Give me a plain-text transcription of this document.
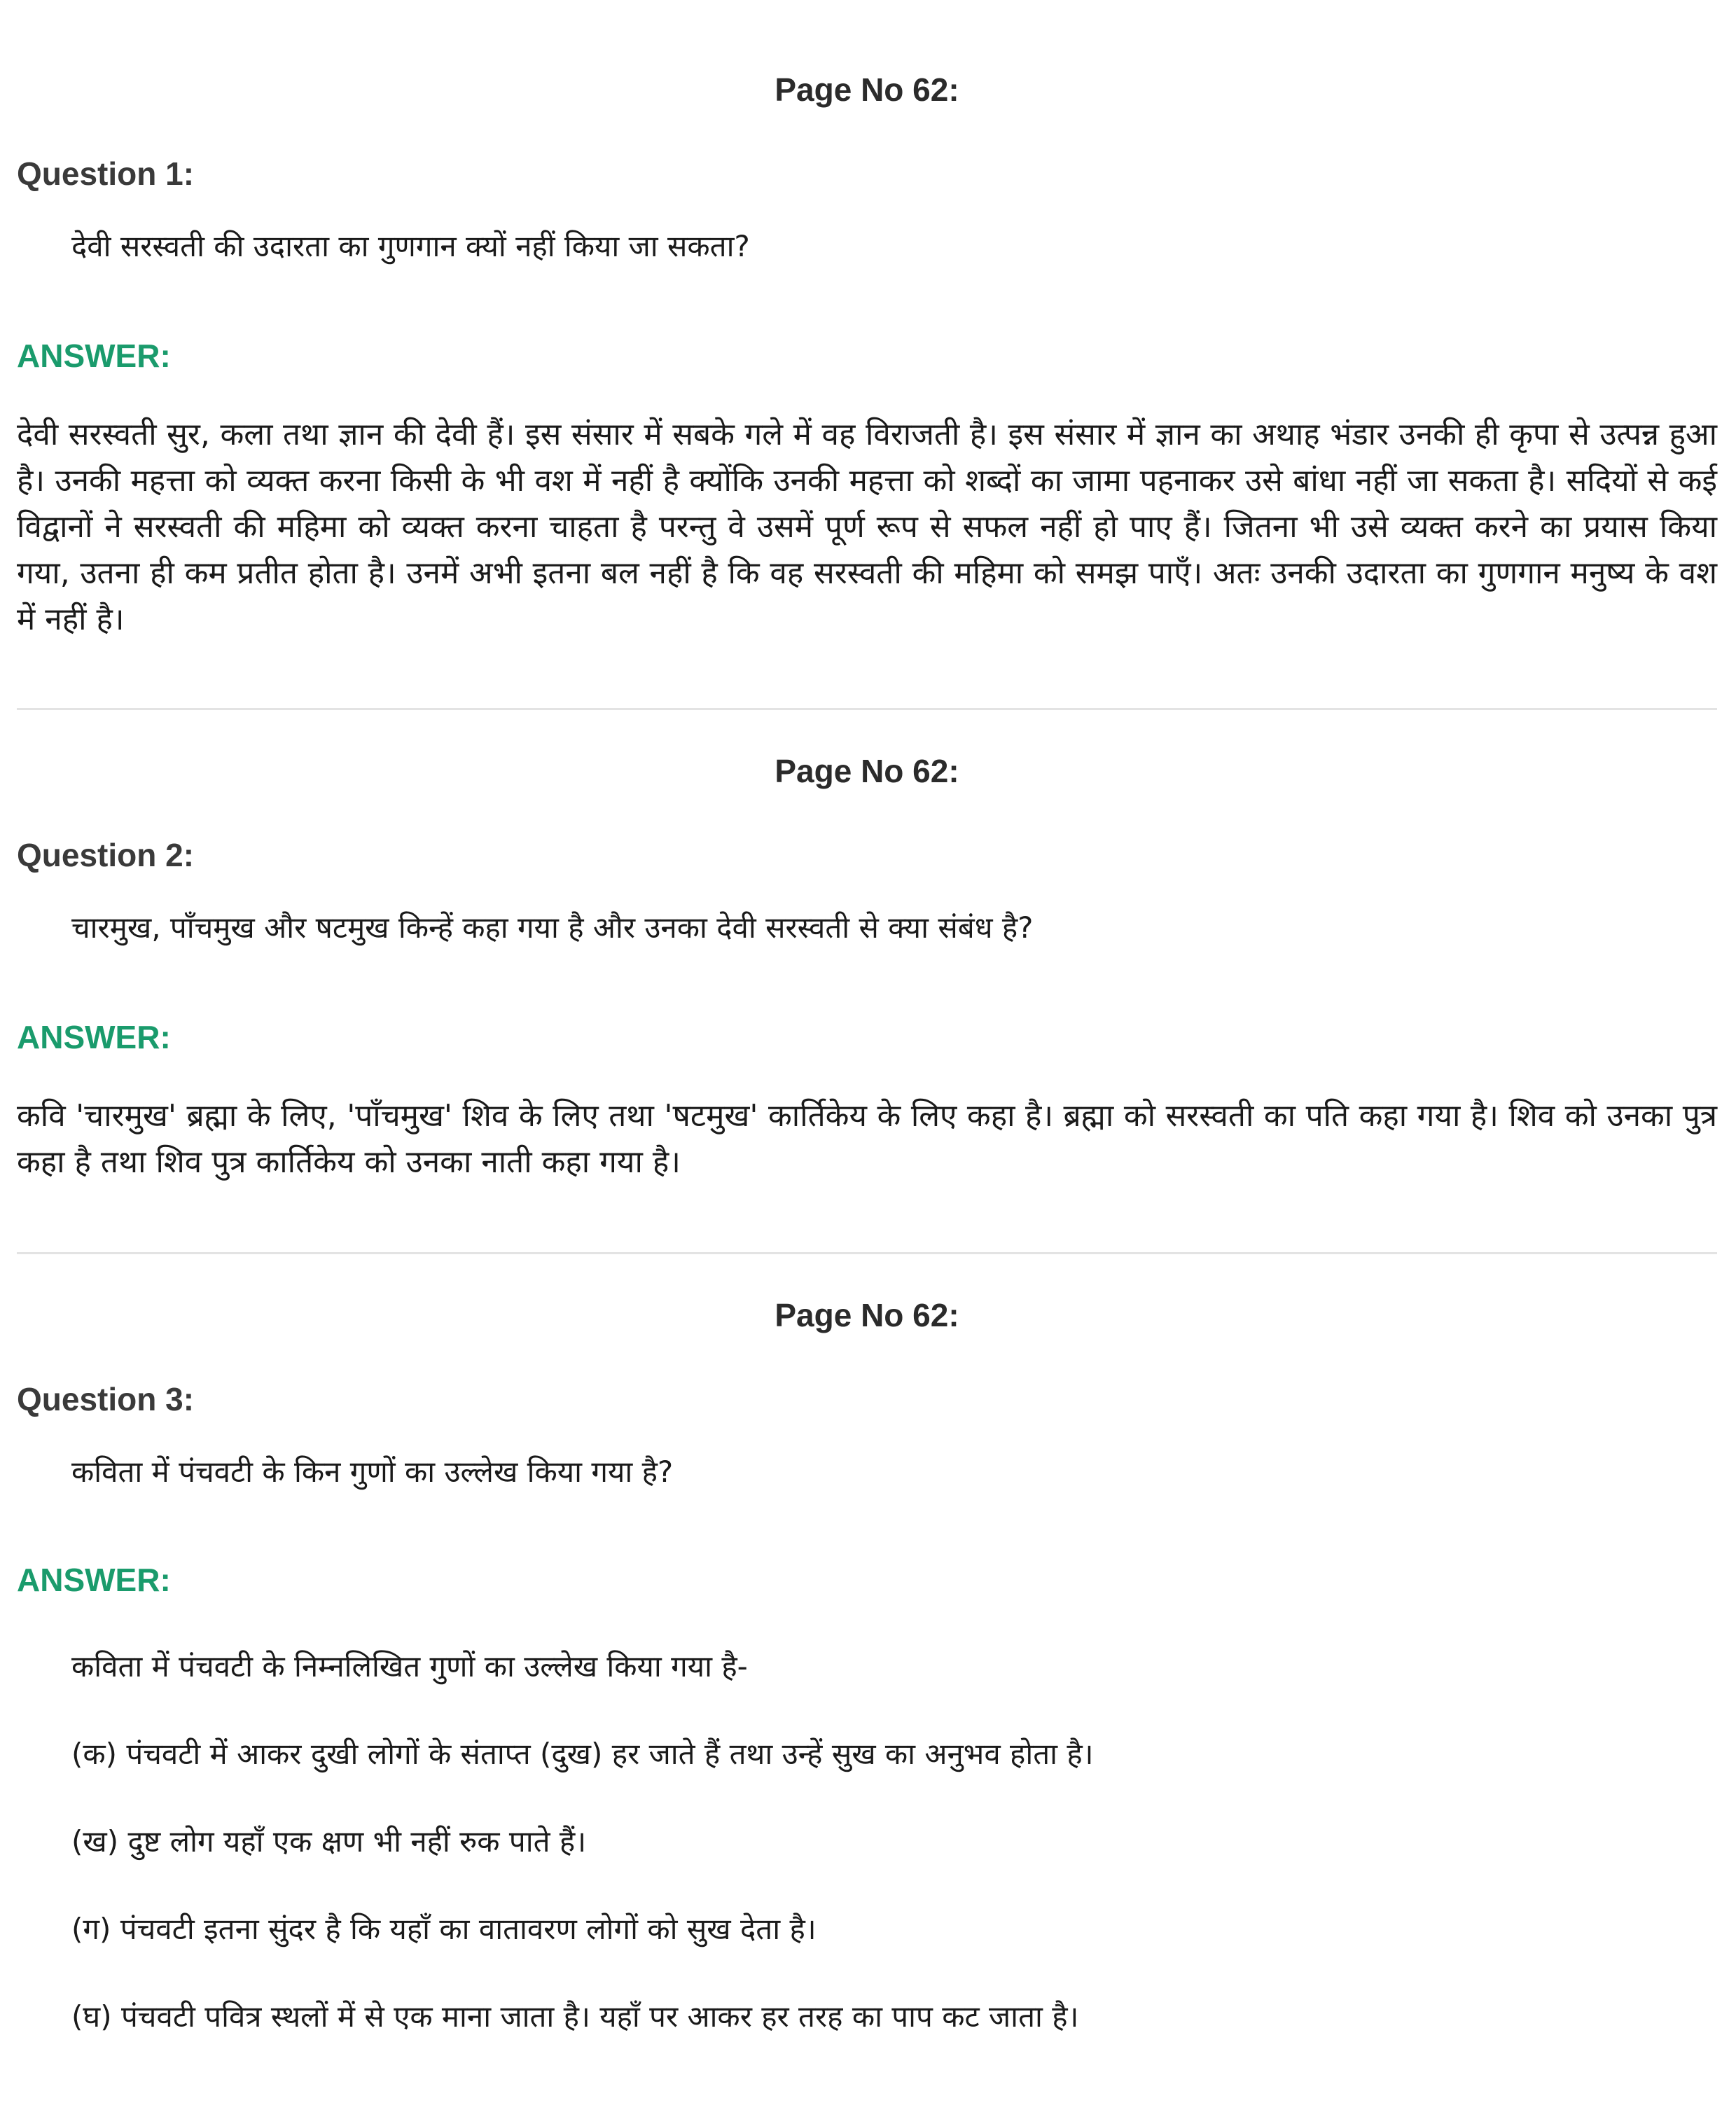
Page No 62:
Question 1:
देवी सरस्वती की उदारता का गुणगान क्यों नहीं किया जा सकता?
ANSWER:
देवी सरस्वती सुर, कला तथा ज्ञान की देवी हैं। इस संसार में सबके गले में वह विराजती है। इस संसार में ज्ञान का अथाह भंडार उनकी ही कृपा से उत्पन्न हुआ है। उनकी महत्ता को व्यक्त करना किसी के भी वश में नहीं है क्योंकि उनकी महत्ता को शब्दों का जामा पहनाकर उसे बांधा नहीं जा सकता है। सदियों से कई विद्वानों ने सरस्वती की महिमा को व्यक्त करना चाहता है परन्तु वे उसमें पूर्ण रूप से सफल नहीं हो पाए हैं। जितना भी उसे व्यक्त करने का प्रयास किया गया, उतना ही कम प्रतीत होता है। उनमें अभी इतना बल नहीं है कि वह सरस्वती की महिमा को समझ पाएँ। अतः उनकी उदारता का गुणगान मनुष्य के वश में नहीं है।
Page No 62:
Question 2:
चारमुख, पाँचमुख और षटमुख किन्हें कहा गया है और उनका देवी सरस्वती से क्या संबंध है?
ANSWER:
कवि 'चारमुख' ब्रह्मा के लिए, 'पाँचमुख' शिव के लिए तथा 'षटमुख' कार्तिकेय के लिए कहा है। ब्रह्मा को सरस्वती का पति कहा गया है। शिव को उनका पुत्र कहा है तथा शिव पुत्र कार्तिकेय को उनका नाती कहा गया है।
Page No 62:
Question 3:
कविता में पंचवटी के किन गुणों का उल्लेख किया गया है?
ANSWER:
कविता में पंचवटी के निम्नलिखित गुणों का उल्लेख किया गया है-
(क) पंचवटी में आकर दुखी लोगों के संताप्त (दुख) हर जाते हैं तथा उन्हें सुख का अनुभव होता है।
(ख) दुष्ट लोग यहाँ एक क्षण भी नहीं रुक पाते हैं।
(ग) पंचवटी इतना सुंदर है कि यहाँ का वातावरण लोगों को सुख देता है।
(घ) पंचवटी पवित्र स्थलों में से एक माना जाता है। यहाँ पर आकर हर तरह का पाप कट जाता है।
